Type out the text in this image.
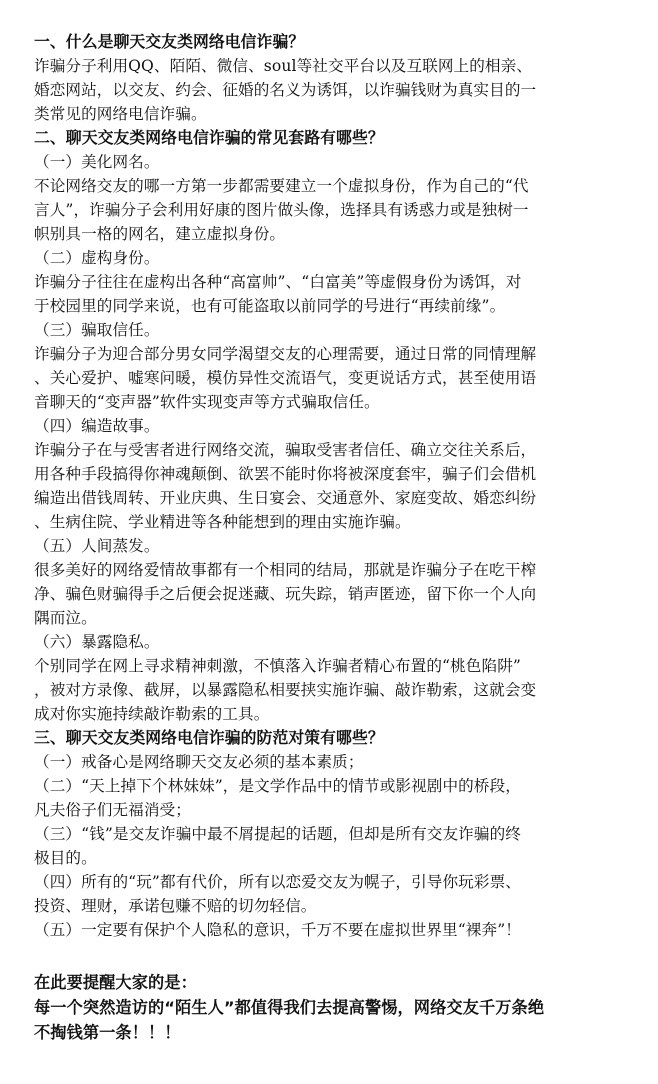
一、什么是聊天交友类网络电信诈骗？
诈骗分子利用QQ、陌陌、微信、soul等社交平台以及互联网上的相亲、
婚恋网站，以交友、约会、征婚的名义为诱饵，以诈骗钱财为真实目的一
类常见的网络电信诈骗。
二、聊天交友类网络电信诈骗的常见套路有哪些？
（一）美化网名。
不论网络交友的哪一方第一步都需要建立一个虚拟身份，作为自己的“代
言人”，诈骗分子会利用好康的图片做头像，选择具有诱惑力或是独树一
帜别具一格的网名，建立虚拟身份。
（二）虚构身份。
诈骗分子往往在虚构出各种“高富帅”、“白富美”等虚假身份为诱饵，对
于校园里的同学来说，也有可能盗取以前同学的号进行“再续前缘”。
（三）骗取信任。
诈骗分子为迎合部分男女同学渴望交友的心理需要，通过日常的同情理解
、关心爱护、嘘寒问暖，模仿异性交流语气，变更说话方式，甚至使用语
音聊天的“变声器”软件实现变声等方式骗取信任。
（四）编造故事。
诈骗分子在与受害者进行网络交流，骗取受害者信任、确立交往关系后，
用各种手段搞得你神魂颠倒、欲罢不能时你将被深度套牢，骗子们会借机
编造出借钱周转、开业庆典、生日宴会、交通意外、家庭变故、婚恋纠纷
、生病住院、学业精进等各种能想到的理由实施诈骗。
（五）人间蒸发。
很多美好的网络爱情故事都有一个相同的结局，那就是诈骗分子在吃干榨
净、骗色财骗得手之后便会捉迷藏、玩失踪，销声匿迹，留下你一个人向
隅而泣。
（六）暴露隐私。
个别同学在网上寻求精神刺激，不慎落入诈骗者精心布置的“桃色陷阱”
，被对方录像、截屏，以暴露隐私相要挟实施诈骗、敲诈勒索，这就会变
成对你实施持续敲诈勒索的工具。
三、聊天交友类网络电信诈骗的防范对策有哪些？
（一）戒备心是网络聊天交友必须的基本素质；
（二）“天上掉下个林妹妹”，是文学作品中的情节或影视剧中的桥段，
凡夫俗子们无福消受；
（三）“钱”是交友诈骗中最不屑提起的话题，但却是所有交友诈骗的终
极目的。
（四）所有的“玩”都有代价，所有以恋爱交友为幌子，引导你玩彩票、
投资、理财，承诺包赚不赔的切勿轻信。
（五）一定要有保护个人隐私的意识，千万不要在虚拟世界里“裸奔”！
在此要提醒大家的是：
每一个突然造访的“陌生人”都值得我们去提高警惕，网络交友千万条绝
不掏钱第一条！！！
